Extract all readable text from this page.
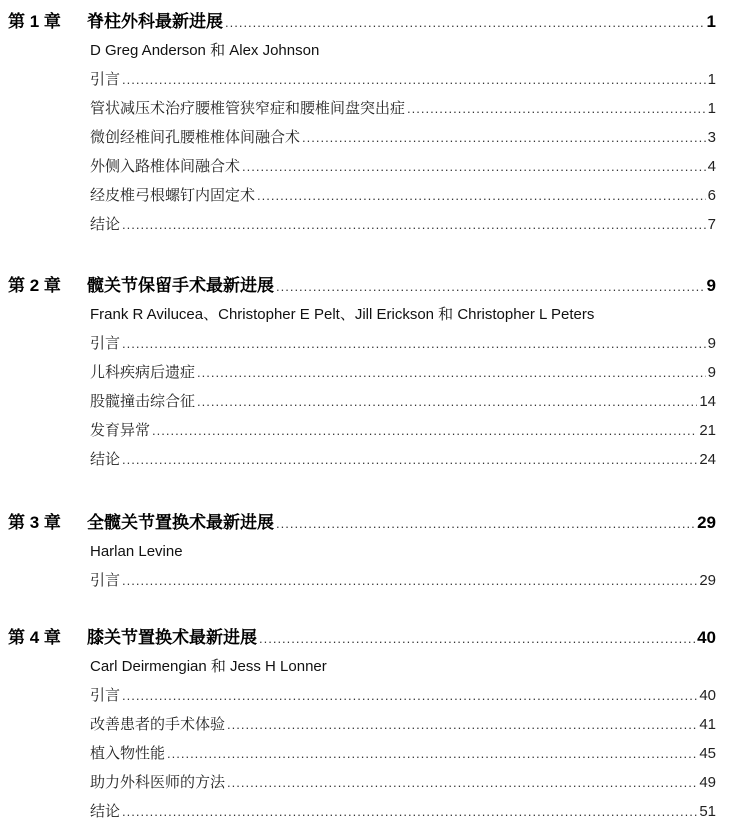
第 1 章	脊柱外科最新进展 .....	1
D Greg Anderson 和 Alex Johnson
引言 .....	1
管状减压术治疗腰椎管狭窄症和腰椎间盘突出症 .....	1
微创经椎间孔腰椎椎体间融合术 .....	3
外侧入路椎体间融合术 .....	4
经皮椎弓根螺钉内固定术 .....	6
结论 .....	7
第 2 章	髋关节保留手术最新进展 .....	9
Frank R Avilucea、Christopher E Pelt、Jill Erickson 和 Christopher L Peters
引言 .....	9
儿科疾病后遗症 .....	9
股髋撞击综合征 .....	14
发育异常 .....	21
结论 .....	24
第 3 章	全髋关节置换术最新进展 .....	29
Harlan Levine
引言 .....	29
第 4 章	膝关节置换术最新进展 .....	40
Carl Deirmengian 和 Jess H Lonner
引言 .....	40
改善患者的手术体验 .....	41
植入物性能 .....	45
助力外科医师的方法 .....	49
结论 .....	51
